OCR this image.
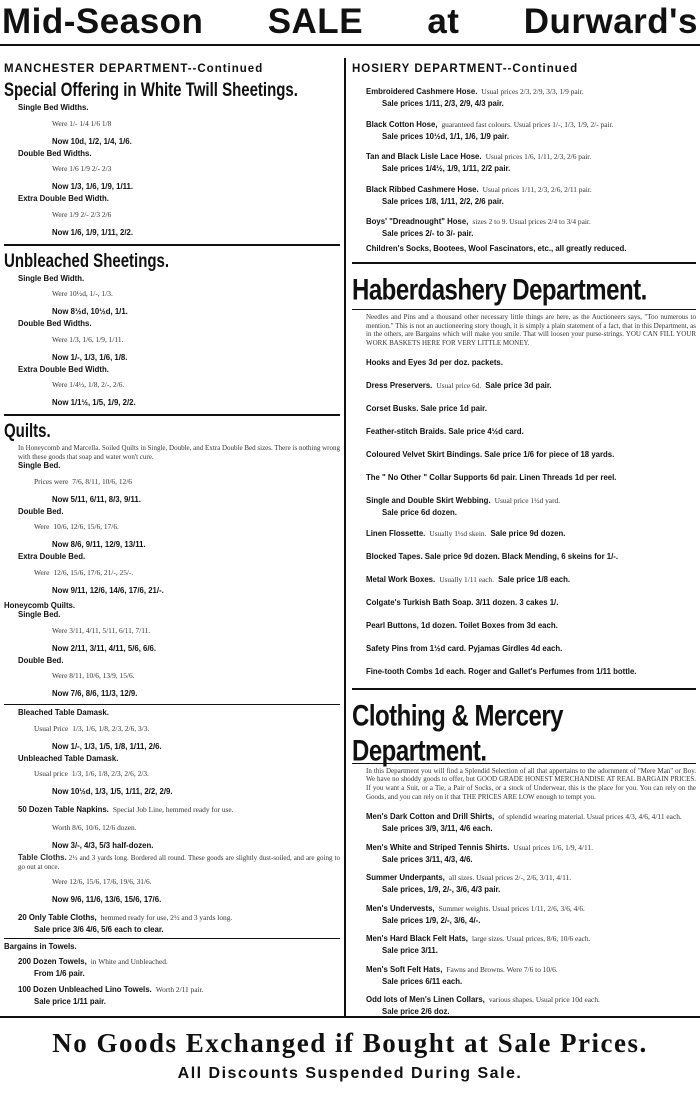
Mid-Season SALE at Durward's
MANCHESTER DEPARTMENT--Continued
Special Offering in White Twill Sheetings.
Single Bed Widths.
Were 1/- 1/4 1/6 1/8
Now 10d, 1/2, 1/4, 1/6.
Double Bed Widths.
Were 1/6 1/9 2/- 2/3
Now 1/3, 1/6, 1/9, 1/11.
Extra Double Bed Width.
Were 1/9 2/- 2/3 2/6
Now 1/6, 1/9, 1/11, 2/2.
Unbleached Sheetings.
Single Bed Width.
Were 10½d, 1/-, 1/3.
Now 8½d, 10½d, 1/1.
Double Bed Widths.
Were 1/3, 1/6, 1/9, 1/11.
Now 1/-, 1/3, 1/6, 1/8.
Extra Double Bed Width.
Were 1/4½, 1/8, 2/-, 2/6.
Now 1/1½, 1/5, 1/9, 2/2.
Quilts.
In Honeycomb and Marcella. Soiled Quilts in Single, Double, and Extra Double Bed sizes. There is nothing wrong with these goods that soap and water won't cure.
Single Bed.
Prices were 7/6, 8/11, 10/6, 12/6
Now 5/11, 6/11, 8/3, 9/11.
Double Bed.
Were 10/6, 12/6, 15/6, 17/6.
Now 8/6, 9/11, 12/9, 13/11.
Extra Double Bed.
Were 12/6, 15/6, 17/6, 21/-, 25/-.
Now 9/11, 12/6, 14/6, 17/6, 21/-.
Honeycomb Quilts.
Single Bed.
Were 3/11, 4/11, 5/11, 6/11, 7/11.
Now 2/11, 3/11, 4/11, 5/6, 6/6.
Double Bed.
Were 8/11, 10/6, 13/9, 15/6.
Now 7/6, 8/6, 11/3, 12/9.
Bleached Table Damask.
Usual Price 1/3, 1/6, 1/8, 2/3, 2/6, 3/3.
Now 1/-, 1/3, 1/5, 1/8, 1/11, 2/6.
Unbleached Table Damask.
Usual price 1/3, 1/6, 1/8, 2/3, 2/6, 2/3.
Now 10½d, 1/3, 1/5, 1/11, 2/2, 2/9.
50 Dozen Table Napkins. Special Job Line, hemmed ready for use.
Worth 8/6, 10/6, 12/6 dozen.
Now 3/-, 4/3, 5/3 half-dozen.
Table Cloths. 2½ and 3 yards long. Bordered all round. These goods are slightly dust-soiled, and are going to go out at once.
Were 12/6, 15/6, 17/6, 19/6, 31/6.
Now 9/6, 11/6, 13/6, 15/6, 17/6.
20 Only Table Cloths, hemmed ready for use, 2½ and 3 yards long.
Sale price 3/6 4/6, 5/6 each to clear.
Bargains in Towels.
200 Dozen Towels, in White and Unbleached.
From 1/6 pair.
100 Dozen Unbleached Lino Towels. Worth 2/11 pair.
Sale price 1/11 pair.
HOSIERY DEPARTMENT--Continued
Embroidered Cashmere Hose. Usual prices 2/3, 2/9, 3/3, 1/9 pair.
Sale prices 1/11, 2/3, 2/9, 4/3 pair.
Black Cotton Hose, guaranteed fast colours. Usual prices 1/-, 1/3, 1/9, 2/- pair.
Sale prices 10½d, 1/1, 1/6, 1/9 pair.
Tan and Black Lisle Lace Hose. Usual prices 1/6, 1/11, 2/3, 2/6 pair.
Sale prices 1/4½, 1/9, 1/11, 2/2 pair.
Black Ribbed Cashmere Hose. Usual prices 1/11, 2/3, 2/6, 2/11 pair.
Sale prices 1/8, 1/11, 2/2, 2/6 pair.
Boys' "Dreadnought" Hose, sizes 2 to 9. Usual prices 2/4 to 3/4 pair.
Sale prices 2/- to 3/- pair.
Children's Socks, Bootees, Wool Fascinators, etc., all greatly reduced.
Haberdashery Department.
Needles and Pins and a thousand other necessary little things are here, as the Auctioneers says, "Too numerous to mention." This is not an auctioneering story though, it is simply a plain statement of a fact, that in this Department, as in the others, are Bargains which will make you smile. That will loosen your purse-strings. YOU CAN FILL YOUR WORK BASKETS HERE FOR VERY LITTLE MONEY.
Hooks and Eyes 3d per doz. packets.
Dress Preservers. Usual price 6d. Sale price 3d pair.
Corset Busks. Sale price 1d pair.
Feather-stitch Braids. Sale price 4½d card.
Coloured Velvet Skirt Bindings. Sale price 1/6 for piece of 18 yards.
The " No Other " Collar Supports 6d pair. Linen Threads 1d per reel.
Single and Double Skirt Webbing. Usual price 1½d yard.
Sale price 6d dozen.
Linen Flossette. Usually 1½d skein. Sale price 9d dozen.
Blocked Tapes. Sale price 9d dozen. Black Mending, 6 skeins for 1/-.
Metal Work Boxes. Usually 1/11 each. Sale price 1/8 each.
Colgate's Turkish Bath Soap. 3/11 dozen. 3 cakes 1/.
Pearl Buttons, 1d dozen. Toilet Boxes from 3d each.
Safety Pins from 1½d card. Pyjamas Girdles 4d each.
Fine-tooth Combs 1d each. Roger and Gallet's Perfumes from 1/11 bottle.
Clothing & Mercery Department.
In this Department you will find a Splendid Selection of all that appertains to the adornment of "Mere Man" or Boy. We have no shoddy goods to offer, but GOOD GRADE HONEST MERCHANDISE AT REAL BARGAIN PRICES. If you want a Suit, or a Tie, a Pair of Socks, or a stock of Underwear, this is the place for you. You can rely on the Goods, and you can rely on it that THE PRICES ARE LOW enough to tempt you.
Men's Dark Cotton and Drill Shirts, of splendid wearing material. Usual prices 4/3, 4/6, 4/11 each.
Sale prices 3/9, 3/11, 4/6 each.
Men's White and Striped Tennis Shirts. Usual prices 1/6, 1/9, 4/11.
Sale prices 3/11, 4/3, 4/6.
Summer Underpants, all sizes. Usual prices 2/-, 2/6, 3/11, 4/11.
Sale prices, 1/9, 2/-, 3/6, 4/3 pair.
Men's Undervests, Summer weights. Usual prices 1/11, 2/6, 3/6, 4/6.
Sale prices 1/9, 2/-, 3/6, 4/-.
Men's Hard Black Felt Hats, large sizes. Usual prices, 8/6, 10/6 each.
Sale price 3/11.
Men's Soft Felt Hats, Fawns and Browns. Were 7/6 to 10/6.
Sale prices 6/11 each.
Odd lots of Men's Linen Collars, various shapes. Usual price 10d each.
Sale price 2/6 doz.
No Goods Exchanged if Bought at Sale Prices.
All Discounts Suspended During Sale.
